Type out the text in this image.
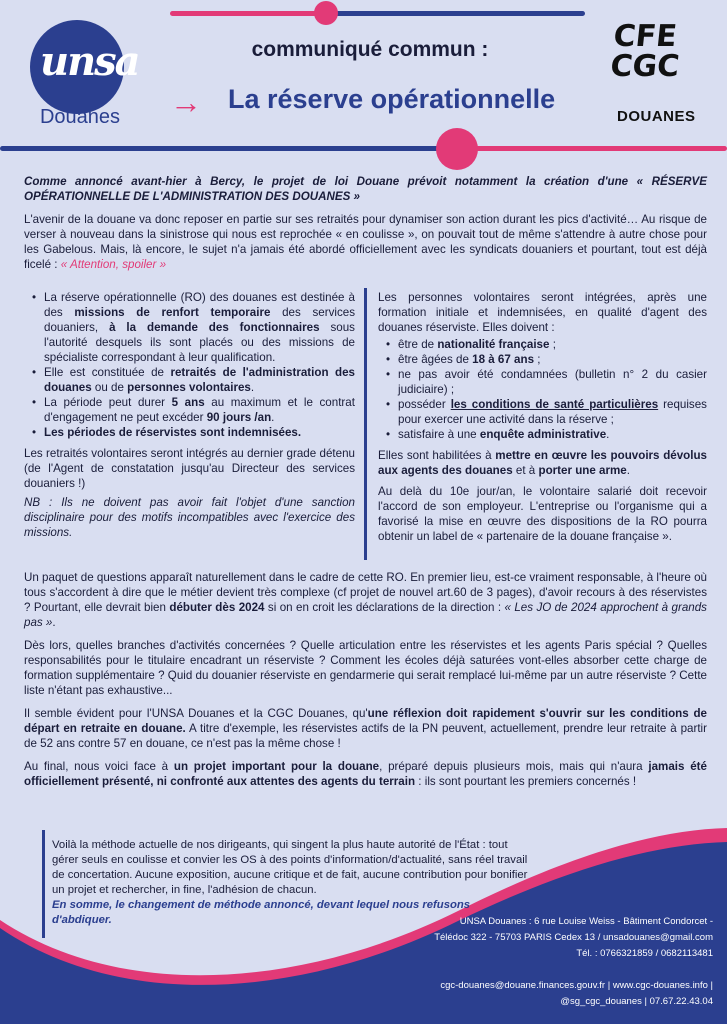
unsa
Douanes
communiqué commun :
→ La réserve opérationnelle
CFE CGC
DOUANES

Comme annoncé avant-hier à Bercy, le projet de loi Douane prévoit notamment la création d'une « RÉSERVE OPÉRATIONNELLE DE L'ADMINISTRATION DES DOUANES »

L'avenir de la douane va donc reposer en partie sur ses retraités pour dynamiser son action durant les pics d'activité… Au risque de verser à nouveau dans la sinistrose qui nous est reprochée « en coulisse », on pouvait tout de même s'attendre à autre chose pour les Gabelous. Mais, là encore, le sujet n'a jamais été abordé officiellement avec les syndicats douaniers et pourtant, tout est déjà ficelé : « Attention, spoiler »

• La réserve opérationnelle (RO) des douanes est destinée à des missions de renfort temporaire des services douaniers, à la demande des fonctionnaires sous l'autorité desquels ils sont placés ou des missions de spécialiste correspondant à leur qualification.
• Elle est constituée de retraités de l'administration des douanes ou de personnes volontaires.
• La période peut durer 5 ans au maximum et le contrat d'engagement ne peut excéder 90 jours /an.
• Les périodes de réservistes sont indemnisées.

Les retraités volontaires seront intégrés au dernier grade détenu (de l'Agent de constatation jusqu'au Directeur des services douaniers !)

NB : Ils ne doivent pas avoir fait l'objet d'une sanction disciplinaire pour des motifs incompatibles avec l'exercice des missions.

Les personnes volontaires seront intégrées, après une formation initiale et indemnisées, en qualité d'agent des douanes réserviste. Elles doivent :

• être de nationalité française ;
• être âgées de 18 à 67 ans ;
• ne pas avoir été condamnées (bulletin n° 2 du casier judiciaire) ;
• posséder les conditions de santé particulières requises pour exercer une activité dans la réserve ;
• satisfaire à une enquête administrative.

Elles sont habilitées à mettre en œuvre les pouvoirs dévolus aux agents des douanes et à porter une arme.

Au delà du 10e jour/an, le volontaire salarié doit recevoir l'accord de son employeur. L'entreprise ou l'organisme qui a favorisé la mise en œuvre des dispositions de la RO pourra obtenir un label de « partenaire de la douane française ».

Un paquet de questions apparaît naturellement dans le cadre de cette RO. En premier lieu, est-ce vraiment responsable, à l'heure où tous s'accordent à dire que le métier devient très complexe (cf projet de nouvel art.60 de 3 pages), d'avoir recours à des réservistes ? Pourtant, elle devrait bien débuter dès 2024 si on en croit les déclarations de la direction : « Les JO de 2024 approchent à grands pas ».

Dès lors, quelles branches d'activités concernées ? Quelle articulation entre les réservistes et les agents Paris spécial ? Quelles responsabilités pour le titulaire encadrant un réserviste ? Comment les écoles déjà saturées vont-elles absorber cette charge de formation supplémentaire ? Quid du douanier réserviste en gendarmerie qui serait remplacé lui-même par un autre réserviste ? Cette liste n'étant pas exhaustive...

Il semble évident pour l'UNSA Douanes et la CGC Douanes, qu'une réflexion doit rapidement s'ouvrir sur les conditions de départ en retraite en douane. A titre d'exemple, les réservistes actifs de la PN peuvent, actuellement, prendre leur retraite à partir de 52 ans contre 57 en douane, ce n'est pas la même chose !

Au final, nous voici face à un projet important pour la douane, préparé depuis plusieurs mois, mais qui n'aura jamais été officiellement présenté, ni confronté aux attentes des agents du terrain : ils sont pourtant les premiers concernés !

Voilà la méthode actuelle de nos dirigeants, qui singent la plus haute autorité de l'État : tout gérer seuls en coulisse et convier les OS à des points d'information/d'actualité, sans réel travail de concertation. Aucune exposition, aucune critique et de fait, aucune contribution pour bonifier un projet et rechercher, in fine, l'adhésion de chacun.
En somme, le changement de méthode annoncé, devant lequel nous refusons d'abdiquer.	UNSA Douanes : 6 rue Louise Weiss - Bâtiment Condorcet -
Télédoc 322 - 75703 PARIS Cedex 13 / unsadouanes@gmail.com
Tél. : 0766321859 / 0682113481
cgc-douanes@douane.finances.gouv.fr | www.cgc-douanes.info |
@sg_cgc_douanes | 07.67.22.43.04
